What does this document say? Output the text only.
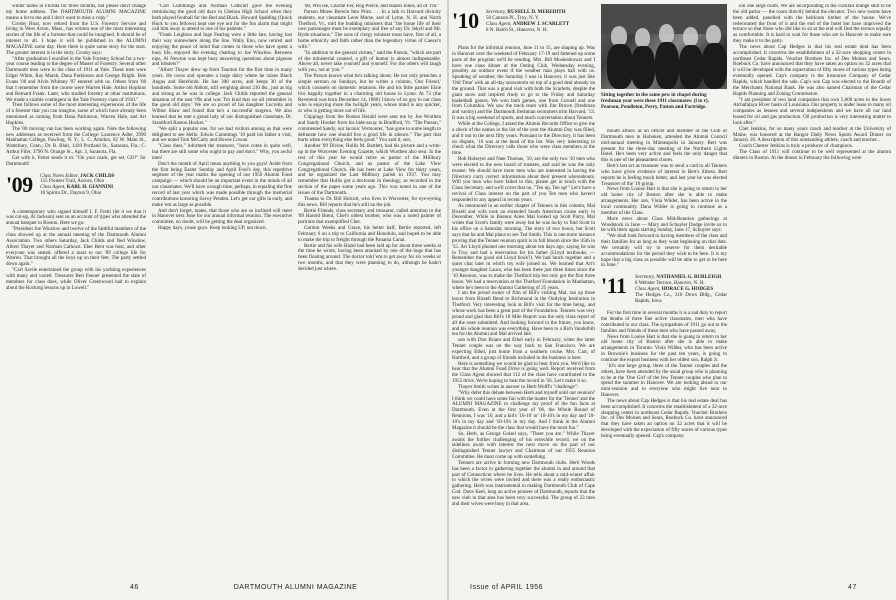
winter home in Florida for three months, but please don't change my home address. The DARTMOUTH ALUMNI MAGAZINE means a lot to me and I don't want to miss a copy."

Crosby Hoar, now retired from the U.S. Forestry Service and living in West Acton, Mass., has written one of the most interesting stories of the life of a forester that could be imagined. It should be of interest to all. I hope it will be published in the ALUMNI MAGAZINE some day. Here there is quite some story for the start. The greater interest is in the story. Crosby says:

"After graduation I enrolled in the Yale Forestry School for a two-year course leading to the degree of Master of Forestry. Several other Dartmouth men were in the class of 1911 at Yale. These men were Edgar White, Ray Marsh, Dana Parkinson and George Bright. Bob Evans '06 and Alvin Whitney '07 entered with us. Others from '08 that I remember from the course were Warren Hale, Arthur Hopkins and Bernard Frank. Later, who studied forestry at other institutions. We made a sizable contingent in the Yale Forestry class of 1910."

Then follows some of the most interesting experiences of the life of a forester that you can imagine, some of which have already been mentioned as coming from Dana Parkinson, Warren Hale, and Art Hopkins.

The '08 moving van has been working again. Note the following new addresses as received from the College: Laurence Adler, 3990 Manhattan College, Pawling, N. Y.; L. C. Amidon, 82 W. Main St., Waterbury, Conn.; Dr. R. Blair, 1430 Portland St., Sarasota, Fla.; C. Arthur Fifer, 3790 N. Orange St., Apt. 3, Sarasota, Fla.

Get with it, Fetter sends it in: "On your mark, get set, GO!" for Dartmouth!

'09 Class Notes Editor, JACK CHILDS
155 Pioneer Trail, Aurora, Ohio
Class Agent, KARL H. GIANNINI
18 Spiritu Dr., Dayton 9, Ohio

A contemporary who signed himself I. F. Fretti (let it we that it was cut-up, Al Jackson) sent us an account of types who attended the annual banquet in Boston. Here we go:

"President Joe Winslow and twelve of the faithful members of the class showed up at the annual meeting of the Dartmouth Alumni Association. Two others Saturday, Jack Childs and Ned Winslow, Albert Thayer and Norman Cathcart. Eber Bent was host, and other everyone was seated, offered a toast to our '09 college life for Warren. That brought all the boys up on their feet. The party settled down again."

"Carl Savile entertained the group with his yachting experiences with many and varied. Treasurer Bert Fenner presented the slate of members for class dues, while Oliver Greenwood had to explain about the Rocking lessons up in Lowell."

"Carl Cummings and Norman Cathcart gave the evening reminiscing the good old days in Chelsea High School when they both played football for the Red and Black. Howard Spalding (Quick Huck to you fellows) kept one eye out for the fun alarm that might call him away to attend to one of his patients."

"Frank Leighton and Inge Fearing were a little late, having lost their way somewhere along the line. Wally Eno, now retired and enjoying the peace of mind that comes to those who have spent a busy life, enjoyed the evening chatting to Joe Winslow. Between nips, Al Newton was kept busy answering questions about pigeons and lobsters?"

"Albert Thayer drew up from Taunton for the first time in many years. He owns and operates a large dairy where he raises Black Angus and Herefords. He has 300 acres, and keeps 30 of the hundreds. Some old Abbott, still weighing about 210 lbs., just as big and strong as he was in college. Jack Childs reported the general situation of the east '09s and was 'I'm kind that we all remember in the good old days.' We are so proud of his daughter Lucretia and Wilbur Shaw and found that he's a successful surgeon. We also learned that he met a grand lady of our distinguished classmate, Dr. Standford Ruston Hocker."

"We split a popular one, for we had visitors among us that were delighted to see Hello. Edwin Cummings '10 paid his father a visit, and we noted Tom McCarty and Howie Cowan

"Class dues," informed the treasurer, "have come in quite well, but there are still some who ought to pay and don't." Why, you awful men!

Don't the month of April mean anything to you guys! Aside from the first being Easter Sunday and April Fool's day, this repetitive segment of the year marks the opening of our 1956 Alumni Fund campaign — which should be an important event in the minds of all our classmates. We'll have a tough time, perhaps, in equaling the fine record of last year which was made possible through the memorial contributions honoring Savoy Penden. Let's get our gifts in early, and make 'em as large as possible.

And don't forget, mates, that those who are so inclined will meet in Hanover next June for our annual informal reunion. The executive committee, no doubt, will be getting the deal organized.

Happy days, youse guys. Keep looking UP, not down.

'08, Win Ise, Charlie Fer, Rog Pierce, and Hazen Jones, all of 'I'm."

Parson Morse Brewin Into Print. . . .In a talk to Harvard divinity students, our classmate Leon Morse, and of Lyme, N. H. and North Thetford, Vt., told the budding ministers that "the home life of their own parsonages must be exemplary and free of any Dr. Jekyll and Mr. Hyde situations." The sons of clergy minister must have, first of all, a home ethnicity and faith rather than the legendary virtue of Caesar's wife."

"In addition to the general virtues," said the Parson, "which are part of the ministerial counsel, a gift of humor is almost indispensable. Above all, never take yourself and yourself. For the others will laugh with you, not at 'you.'"

The Parson knows what he's talking about. He not only preaches a simple sermon on Sundays, but he writes a column, 'Our Friend,' which counsels on domestic relations. He and his little partner Elsie live happily together in a charming old house in Lyme. At 73 (the Reverend was born December 14, 1880) I know of no guy in our class who is enjoying more the twilight years, whose mind is any quicker, or who is getting more out of life.

Clippings from the Boston Herald were sent me by Joe Worthen and Sandy Hooker from his hide-away in Bradford, Vt. "The Parson," commented Sandy, our laconic Vermonter, "has gone to some length to delineate how one should live a good life in silence." The part that hurts when everything else feels good." You said it, son.

Another '09 Divine, Hollis M. Bartlett, had his picture and a write-up in the Worcester Evening Gazette, which Worthen also sent. In the rest of this year he would retire as pastor of the Millbury Congregational Church, and as pastor of the Lake View Congregational Church. He has been at Lake View for thirty years, and he organized the Last Millbury parish in 1937. You may remember that Hollis got a doctorate in theology, as recorded in the section of the paper some years ago. This was noted in one of the issues of the Dartmouth.

Thanks to Dr. Bill Holcott, who lives in Worcester, for eye-eyeing this news. Bill reports that he's still on the job.

Bertie Friends, class secretary and treasurer, called attention to the '09 Harold Brent, Chet's oldest brother, who was a noted painter of portraits that exemplified Chet.

Gordon Weeks and Grace, his better half, Bertie reported, left February 6 on a trip to California and Honolulu, and hoped to be able to make the trip to freight through the Panama Canal.

Bertie and his wife Hazel had been laid up for about three weeks at the time he wrote, having been attacked by one of the bugs that has been floating around. The doctor told 'em to get away for six weeks or two months, and that they were planning to do, although he hadn't decided just where.

46	DARTMOUTH ALUMNI MAGAZINE
'10 Secretary, RUSSELL D. MEREDITH
50 Cannon Pl., Troy, N. Y.
Class Agent, ANDREW J. SCARLETT
8 N. Balch St., Hanover, N. H.

Plans for the informal reunion, June 11 to 15, are shaping up. Was in Hanover over the weekend of February 17-19 and fattened up some parts of the program we'll be sending. Mrs. Bill Moskenkowiz and I have one class dinner at the Outing Club, Wednesday evening, possibly an outdoor event if the weather man plays ball with us. Speaking of weather, the Saturday I was in Hanover, it was just like 'Old Time' with an all-day snowstorm on top of a good deal already on the ground. That was a grand visit with both the Scarletts, despite the giant snow and inspired Andy to go to the Friday and Saturday basketball games. We won both games, one from Cornell and one from Columbia. We saw the track team with Jim Brown (freshman and varsity) and the Dartmouth freshman swimmers trim Harvard, '13. It was a big weekend of sports, and much conversation about Tenners.

While at the College, I asked the Alumni Records Office to give me a check of the names in the list of the year the Alumni Day was filled, and it out to the next fifty years. Pursuant to the Directory, it has been no dispute, '10 was at the head of the list. Was very interesting to check what the Directory calls those who were class members at the time.

Bob Hoiseyer and Nate Thomas, '10, are the only two '10 men who were elected to the new board of trustees, and said he was the only trustee. We should have more men who are interested in having the Directory carry correct information about their present whereabouts. Will you men who have failed in this, please get in touch with the Class Secretary, and we'll cover that on, "Ten up, Ten up!" Let's have a revival of Class interest on the part of you Ten men who haven't responded to any appeal in recent years.

As mentioned in an earlier chapter of Tenners in this column, Mal Bissell and wife took an extended South American cruise early in December. While in Buenos Aires Mal looked up Scott Parry, Mal writes that Scott's family were away but he was lucky to find Scott in his office on a Saturday morning. The story of two hours, but Scott says that he and Mal plans to see Ted Smith. This is one more instance proving that the Tenner reunion spirit is in full bloom since the '45th in '55. Art Lloyd phoned one morning about ten days ago, saying he was in Troy and had a reservation for his father (Lloyd textbooks, — Remember the good old Lloyd book?). We had lunch together and a quiet chat later in which my wife joined us. We learned that Art's younger daughter Laura, who has been there just three times since the '10 Reunion, was to make the Thetford trip but only got the first three hours. We had a reservation at the Thetford Foundation in Manhattan, where he's been to the Alumni Gathering of 25 years.

I am the proud owner of film of Bill's visiting Mal, ran up three hours from Bissell Bend to Richmond in the Outlying Institution in Thetford. Very interesting look at Bill's visit for the time being, and whose work has been a great part of the Foundation. Tenners was very proud and glad that Bill's 18 Mile Report was the only class report of all the ones submitted. And looking forward to the future, you know, and his whole reunion was everything. Have been to a Rich Vanderbilt tea for the Alumni and Mal arrived late.

son with Don Briant and Ethel early in February, when the latter Tenner couple was on the way back to San Francisco. We are expecting Ethel, just home from a southern cruise. Mrs. Carr, of Hartford, and a group of friends included in the business is here.

Here is something we would be glad to hear from you. We'd like to hear that the Alumni Fund Drive is going well. Report received from the Class Agent showed that 112 of the class have contributed to the 1955 drive. We're hoping to beat the record in '56. Let's make it so.

Thayer Smith writes in answer to Herb Wolff's "challenge":

"Why defer this debate between Herb and myself until our reunion? I think we could have some fun with the matter for the 'Tenner' and the ALUMNI MAGAZINE to challenge my proof of the fun facts at Dartmouth. Even at the first year of '06, the Whole Round of Reunions, I was '10, and a kid's '10-10' or '10-10's in my day and '10-10's in my day and '10-10's in my day. And I think in the Alumni Magazine it should be the class that would have the most fun."

So, Herb, as George Golsel says, "There you are." While Thayer awaits the further challenging of his erstwhile record, we on the sidelines await with interest the next move on the part of our distinguished Tenner lawyer and Chairman of our 1955 Reunion Committee. He must come up with something.

Tenners are active in forming new Dartmouth clubs. Herb Woods has been a factor in gathering together the alumni in and around that part of Connecticut where he lives. He tells about a mid-winter affair to which the wives were invited and there was a really enthusiastic gathering. Herb was instrumental in making Dartmouth Club of Cape Cod. Dave Keel, long an active pioneer of Dartmouth, reports that the new club in that area has been very successful. The group of 23 men and their wives were busy in that area.

Sitting together in the same pew in chapel during freshman year were these 1911 classmates: (l to r), Pearson, Pendleton, Perry, Patton and Partridge.

mouth affairs as an officer and member of the Club of Dartmouth men in Hoboken, attended the Alumni Council mid-annual meeting in Minneapolis in January. Bert was present for the three-day meeting at the Northern Lights Hotel. He's been very active and feels the only danger that this is one of the pleasantest chores.

Bert's last act as treasurer was to send a card to all Tenners who have given evidence of interest in Bert's illness. Bert reports he is feeling much better, and last year he was elected Treasurer of the '10 group.

News from Louise Hart is that she is going to return to her old home city of Boston after she is able to make arrangements. Her son, Viola Wilder, has been active in the local community. Dana Wilder is going to continue as a member of the Class.

More news about Class Mid-Reunion gatherings at Woodstock in June — Mary and Schuyler Dodge invite us to be with them again starting Sunday, June 17, Schuyler says:

"We shall look forward to having members of the class and their families for as long as they want beginning on that date. We certainly will try to reserve for them desirable accommodations for the period they wish to be here. It is my hope that a big class as possible will be able to get to be here in June."

'11 Secretary, NATHANIEL G. BURLEIGH
8 Webster Terrace, Hanover, N. H.
Class Agent, HORACE G. HODGES
The Hedges Co., 310 Dows Bldg., Cedar Rapids, Iowa

For the first time in several months it is a sad duty to report the deaths of three fine active classmates, men who have contributed to our class. The sympathies of 1911 go out to the families and friends of these men who have passed away.

News from Louise Hart is that she is going to return to her old home city of Boston after she is able to make arrangements in Toronto. Viola Wilder, who has been active in Brownie's business for the past ten years, is going to continue the export business with her oldest son, Ralph Jr.

'10's one large group, three of the Tenner couples and the others, have been attended by the usual group who is planning to be at the 'One Girl' of the few Tenner couples who plan to spend the summer in Hanover. We are looking ahead to our mini-reunion and to everyone who might live near to Hanover.

The news about Cap Hedges is that his real estate deal has been accomplished. It concerns the establishment of a 32-acre shopping center in northeast Cedar Rapids. Voucher Brothers Inc. of Des Moines and Sears, Roebuck Co. have announced that they have taken an option on 32 acres that it will be developed with the expectation of fifty stores of various types being eventually opened. Cap's company.

ion one large room. We are incorporating in the cocktail lounge shut to be the old parlor — the room directly behind the elevator. Two new rooms have been added, panelled with the heirloom timber of the house. We've redecorated the front of it and the end of the hotel but have improved the terrace so that those who did like to sit at the end will find the terrace equally as comfortable. It is hard to wait for those who are in Hanover to make sure they make it to the party.

The news about Cap Hedges is that his real estate deal has been accomplished. It concerns the establishment of a 32-acre shopping center in northeast Cedar Rapids. Voucher Brothers Inc. of Des Moines and Sears, Roebuck Co. have announced that they have taken an option on 32 acres that it will be developed with the expectation of fifty stores of various types being eventually opened. Cap's company is the Insurance Company of Cedar Rapids, which handled the sale. Cap's son Cap was elected to the Boards of the Merchants National Bank. He was also named Chairman of the Cedar Rapids Planning and Zoning Commission.

"I am president of two land companies that own 5,000 acres in the lower Atchafalaya River basin of Louisiana. Our property is under lease to many oil companies as lessees and several independents and we have all our land leased for oil and gas production. Oil production is very interesting matter to look after."

Chet Jenkins, for so many years coach and teacher at the University of Maine, was honored at the Bangor Daily News Sports Award Dinner on January 26. A description of this outstanding athlete, coach and teacher...

Coach Chester Jenkins is truly a producer of champions.

The Class of 1911 will continue to be well represented at the alumni dinners in Boston. At the dinner in February the following were

Issue of APRIL 1956	47
